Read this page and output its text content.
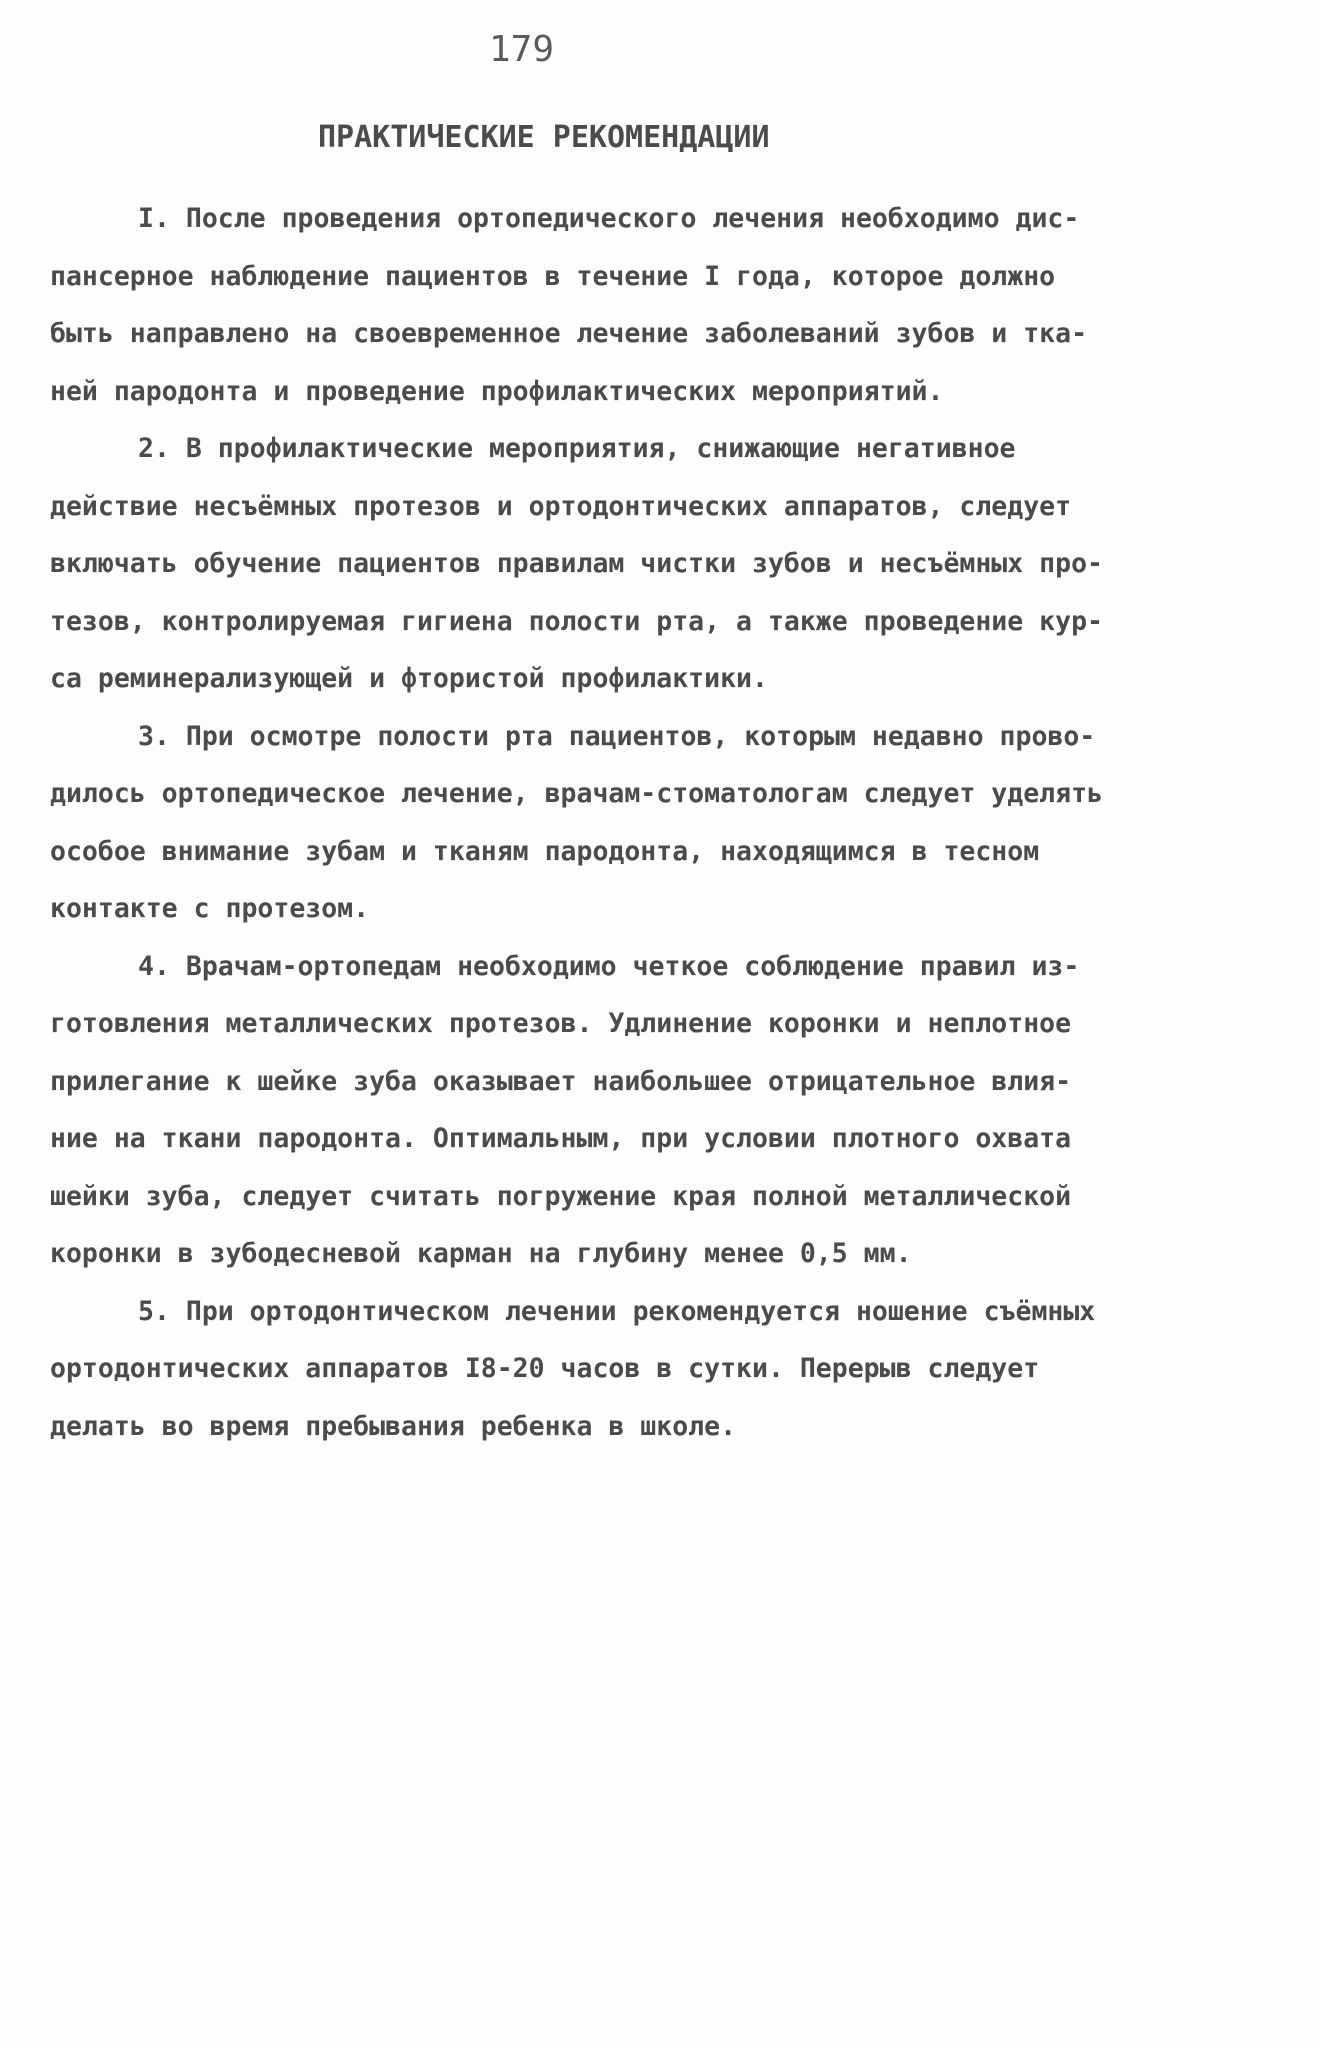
179
ПРАКТИЧЕСКИЕ РЕКОМЕНДАЦИИ
I. После проведения ортопедического лечения необходимо дис-
пансерное наблюдение пациентов в течение I года, которое должно
быть направлено на своевременное лечение заболеваний зубов и тка-
ней пародонта и проведение профилактических мероприятий.
2. В профилактические мероприятия, снижающие негативное
действие несъёмных протезов и ортодонтических аппаратов, следует
включать обучение пациентов правилам чистки зубов и несъёмных про-
тезов, контролируемая гигиена полости рта, а также проведение кур-
са реминерализующей и фтористой профилактики.
3. При осмотре полости рта пациентов, которым недавно прово-
дилось ортопедическое лечение, врачам-стоматологам следует уделять
особое внимание зубам и тканям пародонта, находящимся в тесном
контакте с протезом.
4. Врачам-ортопедам необходимо четкое соблюдение правил из-
готовления металлических протезов. Удлинение коронки и неплотное
прилегание к шейке зуба оказывает наибольшее отрицательное влия-
ние на ткани пародонта. Оптимальным, при условии плотного охвата
шейки зуба, следует считать погружение края полной металлической
коронки в зубодесневой карман на глубину менее 0,5 мм.
5. При ортодонтическом лечении рекомендуется ношение съёмных
ортодонтических аппаратов I8-20 часов в сутки. Перерыв следует
делать во время пребывания ребенка в школе.
